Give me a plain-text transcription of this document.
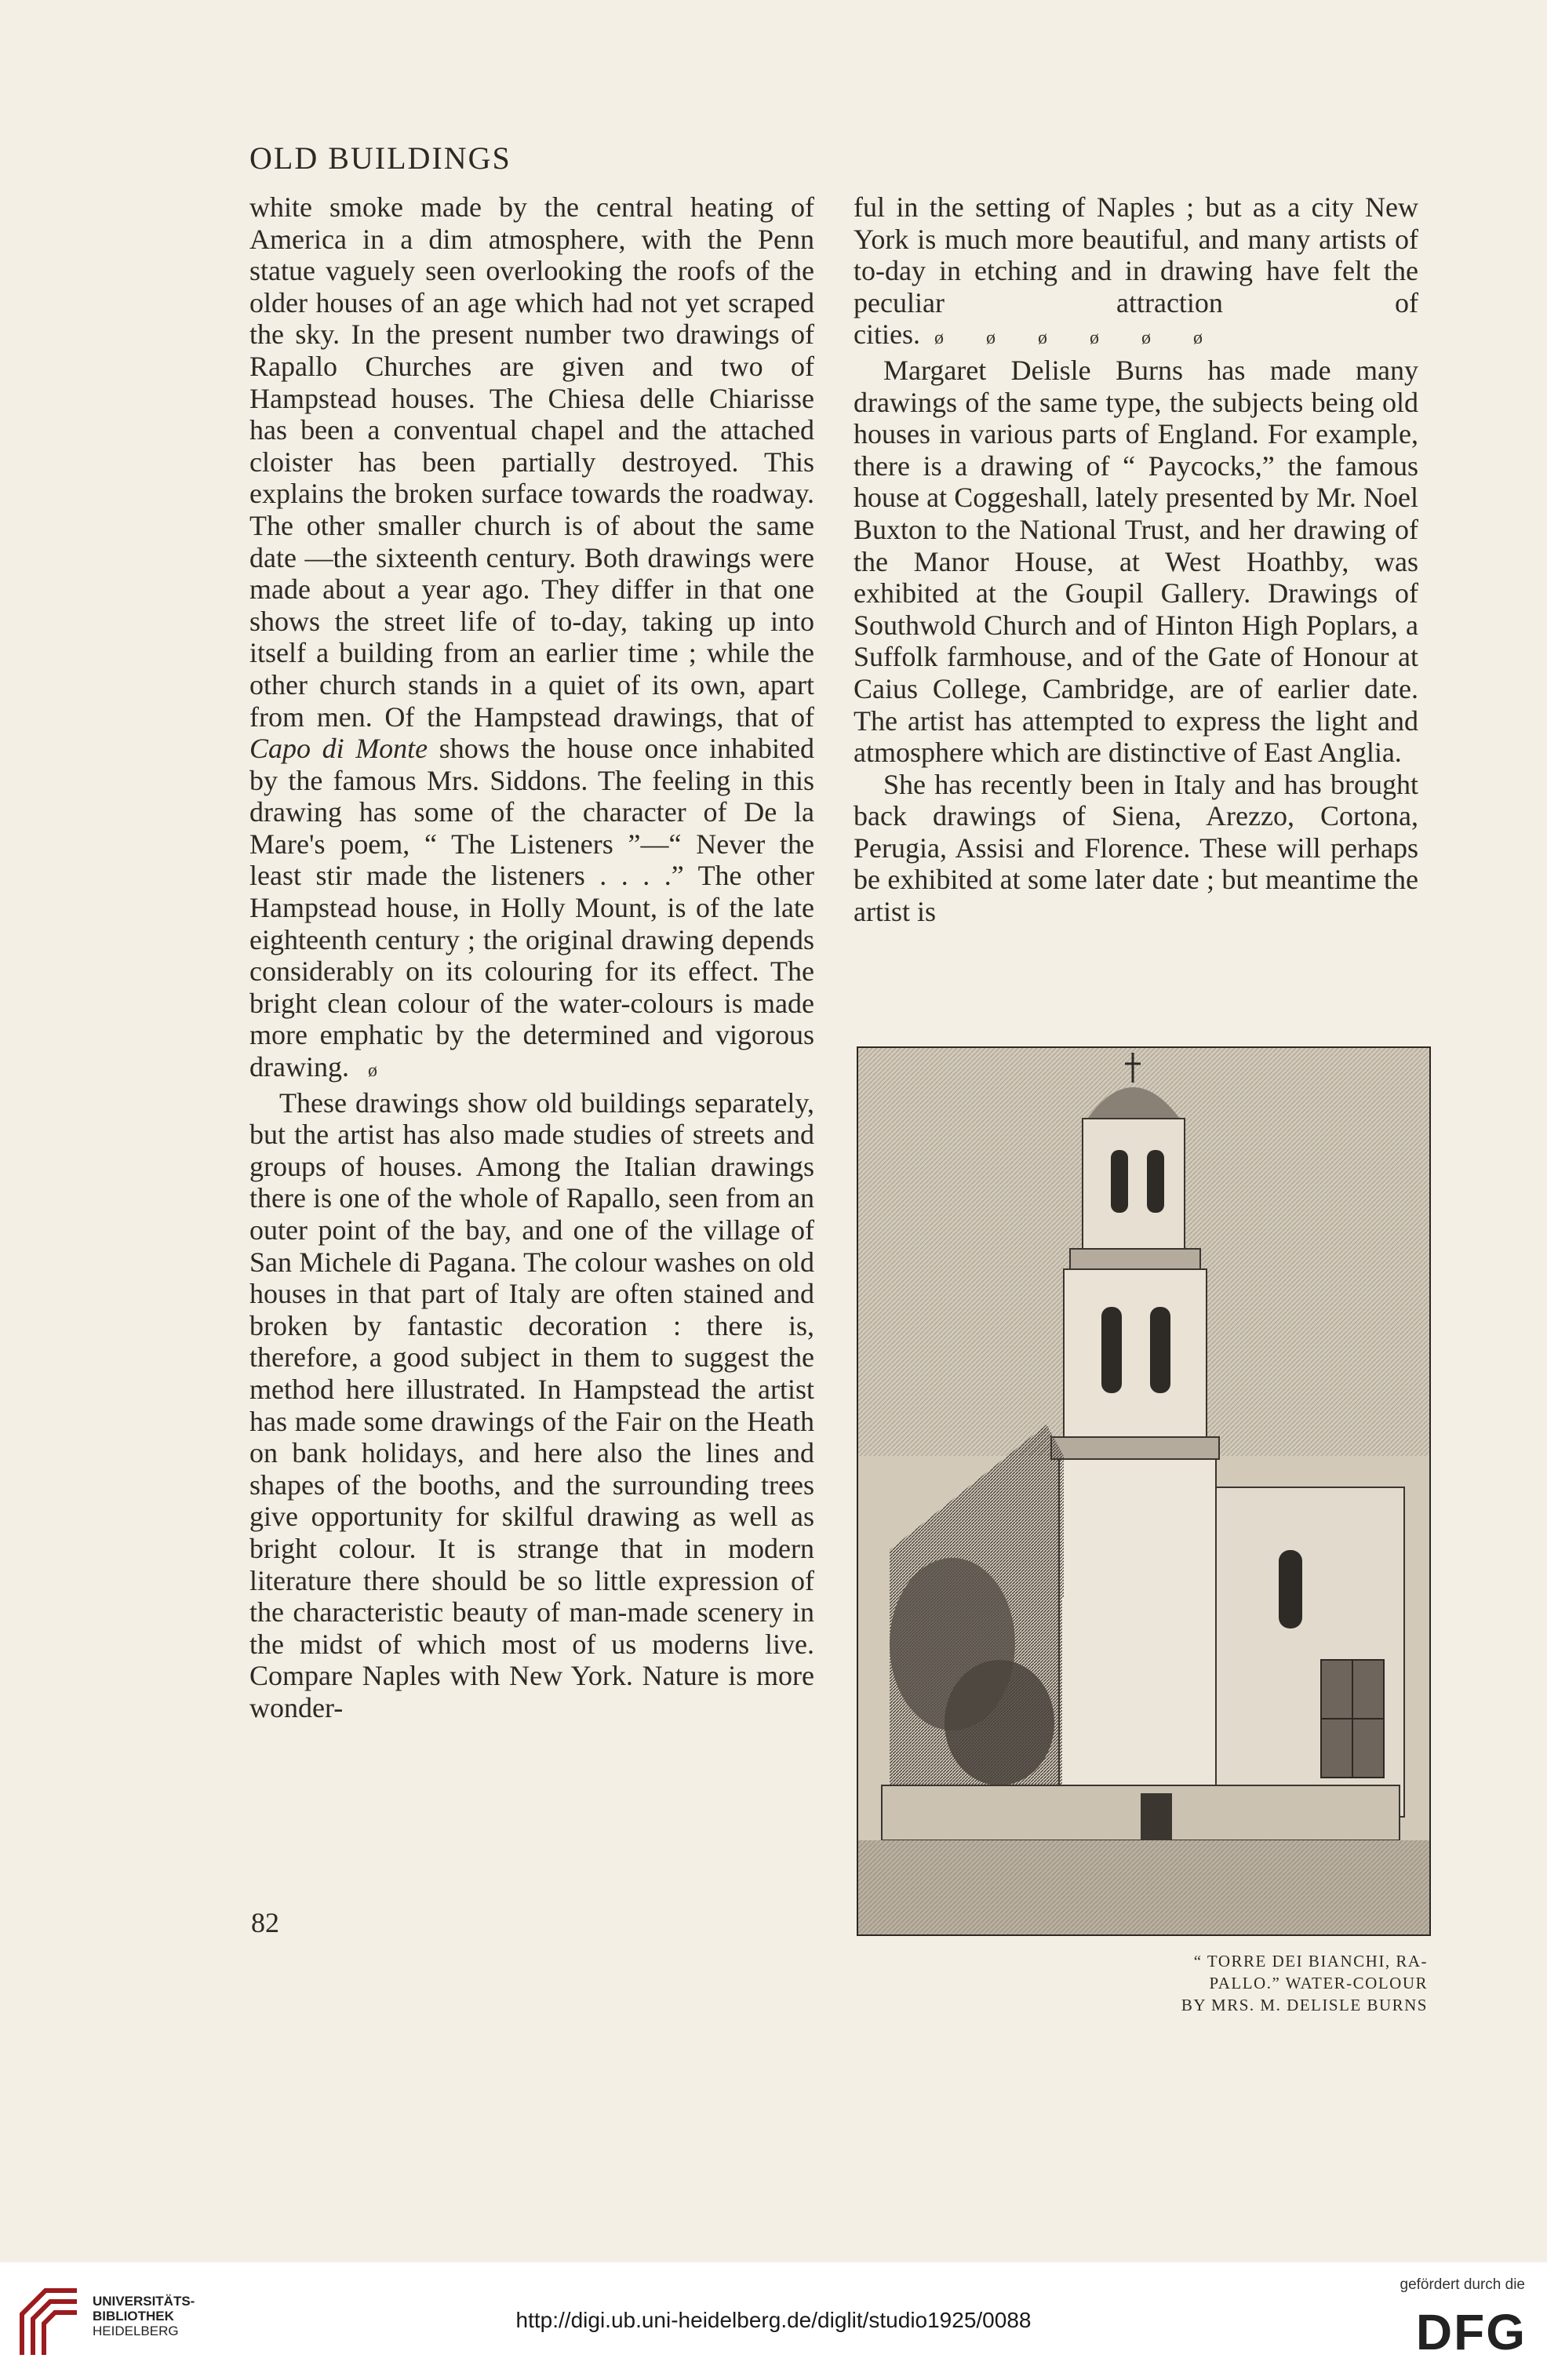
OLD BUILDINGS

white smoke made by the central heating of America in a dim atmosphere, with the Penn statue vaguely seen overlooking the roofs of the older houses of an age which had not yet scraped the sky. In the present number two drawings of Rapallo Churches are given and two of Hampstead houses. The Chiesa delle Chiarisse has been a conventual chapel and the attached cloister has been partially destroyed. This explains the broken surface towards the roadway. The other smaller church is of about the same date —the sixteenth century. Both drawings were made about a year ago. They differ in that one shows the street life of to-day, taking up into itself a building from an earlier time ; while the other church stands in a quiet of its own, apart from men. Of the Hampstead drawings, that of Capo di Monte shows the house once inhabited by the famous Mrs. Siddons. The feeling in this drawing has some of the character of De la Mare's poem, “ The Listeners ”—“ Never the least stir made the listeners . . . .” The other Hampstead house, in Holly Mount, is of the late eighteenth century ; the original drawing depends considerably on its colouring for its effect. The bright clean colour of the water-colours is made more emphatic by the determined and vigorous drawing. ø

These drawings show old buildings separately, but the artist has also made studies of streets and groups of houses. Among the Italian drawings there is one of the whole of Rapallo, seen from an outer point of the bay, and one of the village of San Michele di Pagana. The colour washes on old houses in that part of Italy are often stained and broken by fantastic decoration : there is, therefore, a good subject in them to suggest the method here illustrated. In Hampstead the artist has made some drawings of the Fair on the Heath on bank holidays, and here also the lines and shapes of the booths, and the surrounding trees give opportunity for skilful drawing as well as bright colour. It is strange that in modern literature there should be so little expression of the characteristic beauty of man-made scenery in the midst of which most of us moderns live. Compare Naples with New York. Nature is more wonder-

ful in the setting of Naples ; but as a city New York is much more beautiful, and many artists of to-day in etching and in drawing have felt the peculiar attraction of cities. ø ø ø ø ø ø

Margaret Delisle Burns has made many drawings of the same type, the subjects being old houses in various parts of England. For example, there is a drawing of “ Paycocks,” the famous house at Coggeshall, lately presented by Mr. Noel Buxton to the National Trust, and her drawing of the Manor House, at West Hoathby, was exhibited at the Goupil Gallery. Drawings of Southwold Church and of Hinton High Poplars, a Suffolk farmhouse, and of the Gate of Honour at Caius College, Cambridge, are of earlier date. The artist has attempted to express the light and atmosphere which are distinctive of East Anglia.

She has recently been in Italy and has brought back drawings of Siena, Arezzo, Cortona, Perugia, Assisi and Florence. These will perhaps be exhibited at some later date ; but meantime the artist is

“ TORRE DEI BIANCHI, RA-
PALLO.” WATER-COLOUR
BY MRS. M. DELISLE BURNS
82
UNIVERSITÄTS-
BIBLIOTHEK
HEIDELBERG	http://digi.ub.uni-heidelberg.de/diglit/studio1925/0088
gefördert durch die
DFG
